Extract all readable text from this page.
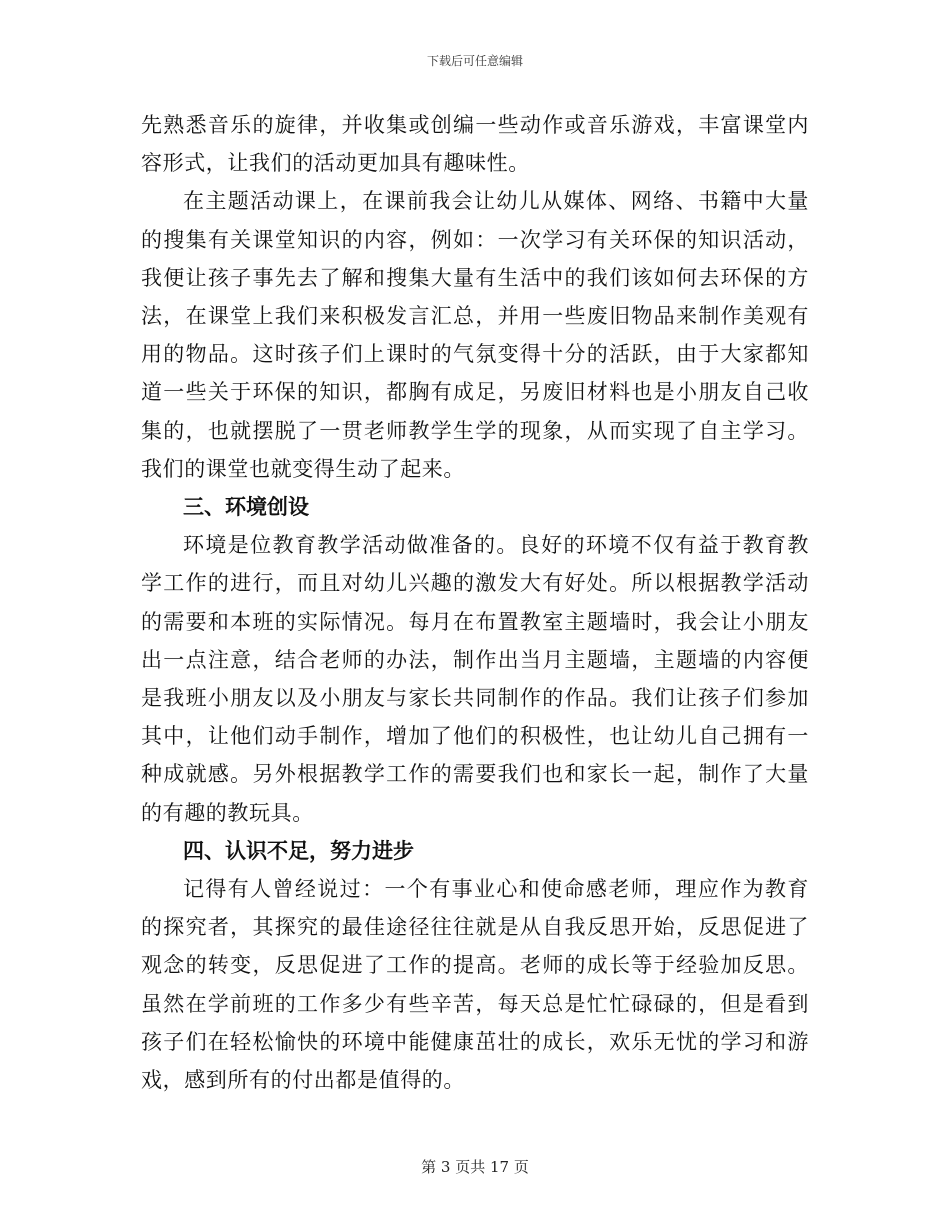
下载后可任意编辑

先熟悉音乐的旋律，并收集或创编一些动作或音乐游戏，丰富课堂内容形式，让我们的活动更加具有趣味性。

在主题活动课上，在课前我会让幼儿从媒体、网络、书籍中大量的搜集有关课堂知识的内容，例如：一次学习有关环保的知识活动，我便让孩子事先去了解和搜集大量有生活中的我们该如何去环保的方法，在课堂上我们来积极发言汇总，并用一些废旧物品来制作美观有用的物品。这时孩子们上课时的气氛变得十分的活跃，由于大家都知道一些关于环保的知识，都胸有成足，另废旧材料也是小朋友自己收集的，也就摆脱了一贯老师教学生学的现象，从而实现了自主学习。我们的课堂也就变得生动了起来。

三、环境创设

环境是位教育教学活动做准备的。良好的环境不仅有益于教育教学工作的进行，而且对幼儿兴趣的激发大有好处。所以根据教学活动的需要和本班的实际情况。每月在布置教室主题墙时，我会让小朋友出一点注意，结合老师的办法，制作出当月主题墙，主题墙的内容便是我班小朋友以及小朋友与家长共同制作的作品。我们让孩子们参加其中，让他们动手制作，增加了他们的积极性，也让幼儿自己拥有一种成就感。另外根据教学工作的需要我们也和家长一起，制作了大量的有趣的教玩具。

四、认识不足，努力进步

记得有人曾经说过：一个有事业心和使命感老师，理应作为教育的探究者，其探究的最佳途径往往就是从自我反思开始，反思促进了观念的转变，反思促进了工作的提高。老师的成长等于经验加反思。虽然在学前班的工作多少有些辛苦，每天总是忙忙碌碌的，但是看到孩子们在轻松愉快的环境中能健康茁壮的成长，欢乐无忧的学习和游戏，感到所有的付出都是值得的。

第 3 页共 17 页
